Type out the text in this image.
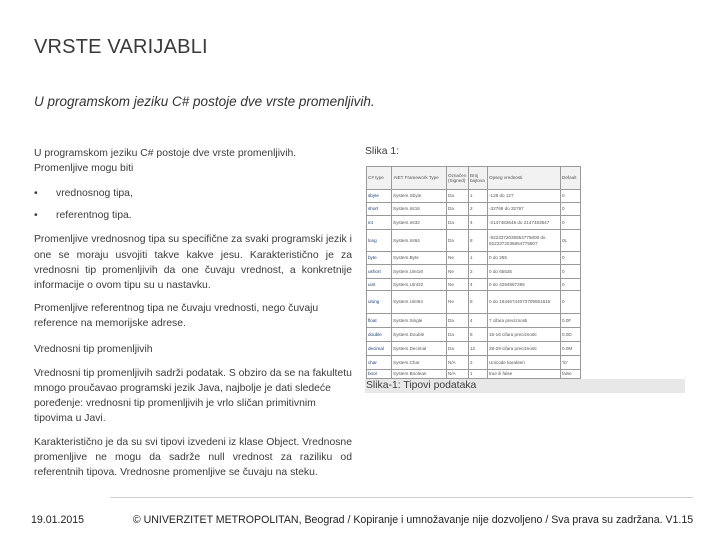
VRSTE VARIJABLI
U programskom jeziku C# postoje dve vrste promenljivih.

U programskom jeziku C# postoje dve vrste promenljivih.

Promenljive mogu biti

•	vrednosnog tipa,
•	referentnog tipa.

Promenljive vrednosnog tipa su specifične za svaki programski jezik i one se moraju usvojiti takve kakve jesu. Karakteristično je za vrednosni tip promenljivih da one čuvaju vrednost, a konkretnije informacije o ovom tipu su u nastavku.

Promenljive referentnog tipa ne čuvaju vrednosti, nego čuvaju reference na memorijske adrese.

Vrednosni tip promenljivih

Vrednosni tip promenljivih sadrži podatak. S obziro da se na fakultetu mnogo proučavao programski jezik Java, najbolje je dati sledeće poređenje: vrednosni tip promenljivih je vrlo sličan primitivnim tipovima u Javi.

Karakteristično je da su svi tipovi izvedeni iz klase Object. Vrednosne promenljive ne mogu da sadrže null vrednost za raziliku od referentnih tipova. Vrednosne promenljive se čuvaju na steku.

Slika 1:
C# type	.NET Framework Type	Označen (Signed)	Broj bajtova	Opseg vrednosti	Default
sbyte	System.Sbyte	Da	1	-128 do 127	0
short	System.Int16	Da	2	-32768 do 32767	0
int	System.Int32	Da	4	-2147483648 do 2147483647	0
long	System.Int64	Da	8	-9223372036854775808 do 9223372036854775807	0L
byte	System.Byte	Ne	1	0 do 255	0
ushort	System.Uint16	Ne	2	0 do 65535	0
uint	System.UInt32	Ne	4	0 do 4294967295	0
ulong	System.Uint64	Ne	8	0 do 18446744073709551615	0
float	System.Single	Da	4	7 cifara preciznosti	0.0F
double	System.Double	Da	8	15-16 cifara preciznosti	0.0D
decimal	System.Decimal	Da	12	28-29 cifara preciznosti	0.0M
char	System.Char	N/A	2	Unicode karakteri	'\0'
bool	System.Boolean	N/A	1	true ili false	false
Slika-1: Tipovi podataka
19.01.2015	© UNIVERZITET METROPOLITAN, Beograd / Kopiranje i umnožavanje nije dozvoljeno / Sva prava su zadržana. V1.15
